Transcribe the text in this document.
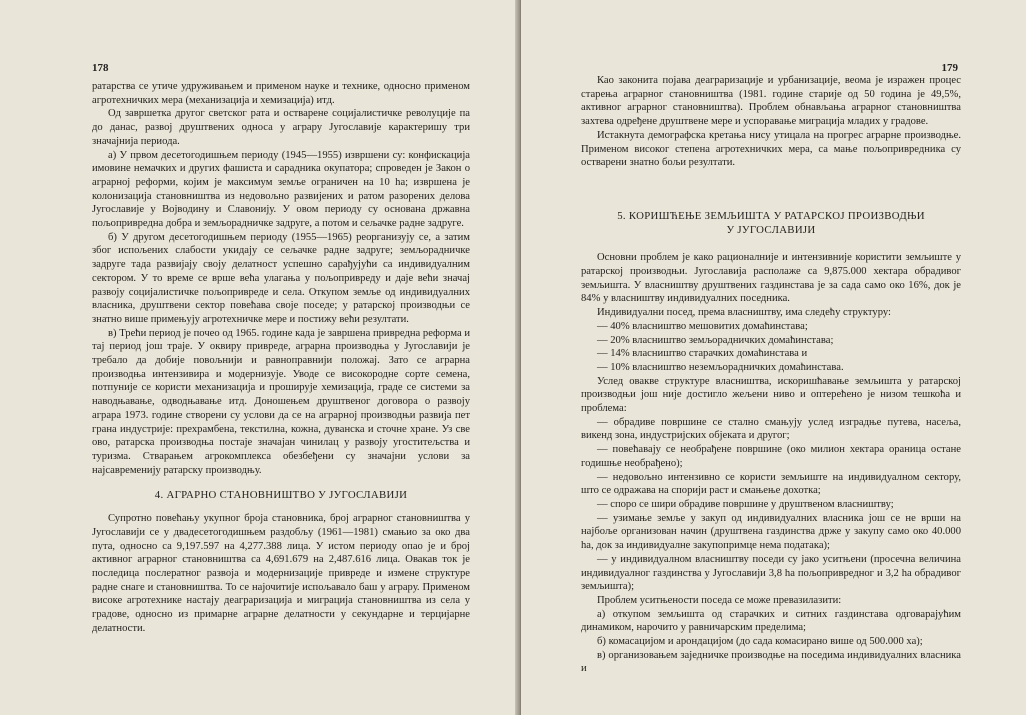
178

ратарства се утиче удруживањем и применом науке и технике, односно применом агротехничких мера (механизација и хемизација) итд.

Од завршетка другог светског рата и остварене социјалистичке револуције па до данас, развој друштвених односа у аграру Југославије карактеришу три значајнија периода.

а) У првом десетогодишњем периоду (1945—1955) извршени су: конфискација имовине немачких и других фашиста и сарадника окупатора; спроведен је Закон о аграрној реформи, којим је максимум земље ограничен на 10 ha; извршена је колонизација становништва из недовољно развијених и ратом разорених делова Југославије у Војводину и Славонију. У овом периоду су основана државна пољопривредна добра и земљорадничке задруге, а потом и сељачке радне задруге.

б) У другом десетогодишњем периоду (1955—1965) реорганизују се, а затим због испољених слабости укидају се сељачке радне задруге; земљорадничке задруге тада развијају своју делатност успешно сарађујући са индивидуалним сектором. У то време се врше већа улагања у пољопривреду и даје већи значај развоју социјалистичке пољопривреде и села. Откупом земље од индивидуалних власника, друштвени сектор повећава своје поседе; у ратарској производњи се знатно више примењују агротехничке мере и постижу већи резултати.

в) Трећи период је почео од 1965. године када је завршена привредна реформа и тај период још траје. У оквиру привреде, аграрна производња у Југославији је требало да добије повољнији и равноправнији положај. Зато се аграрна производња интензивира и модернизује. Уводе се високородне сорте семена, потпуније се користи механизација и проширује хемизација, граде се системи за наводњавање, одводњавање итд. Доношењем друштвеног договора о развоју аграра 1973. године створени су услови да се на аграрној производњи развија пет грана индустрије: прехрамбена, текстилна, кожна, дуванска и сточне хране. Уз све ово, ратарска производња постаје значајан чинилац у развоју угоститељства и туризма. Стварањем агрокомплекса обезбеђени су значајни услови за најсавременију ратарску производњу.

4. АГРАРНО СТАНОВНИШТВО У ЈУГОСЛАВИЈИ

Супротно повећању укупног броја становника, број аграрног становништва у Југославији се у двадесетогодишњем раздобљу (1961—1981) смањио за око два пута, односно са 9,197.597 на 4,277.388 лица. У истом периоду опао је и број активног аграрног становништва са 4,691.679 на 2,487.616 лица. Овакав ток је последица послератног развоја и модернизације привреде и измене структуре радне снаге и становништва. То се најочитије испољавало баш у аграру. Применом високе агротехнике настају деаграризација и миграција становништва из села у градове, односно из примарне аграрне делатности у секундарне и терцијарне делатности.

179

Као законита појава деаграризације и урбанизације, веома је изражен процес старења аграрног становништва (1981. године старије од 50 година је 49,5%, активног аграрног становништва). Проблем обнављања аграрног становништва захтева одређене друштвене мере и успоравање миграција младих у градове.

Истакнута демографска кретања нису утицала на прогрес аграрне производње. Применом високог степена агротехничких мера, са мање пољопривредника су остварени знатно бољи резултати.

5. КОРИШЋЕЊЕ ЗЕМЉИШТА У РАТАРСКОЈ ПРОИЗВОДЊИ
У ЈУГОСЛАВИЈИ

Основни проблем је како рационалније и интензивније користити земљиште у ратарској производњи. Југославија располаже са 9,875.000 хектара обрадивог земљишта. У власништву друштвених газдинстава је за сада само око 16%, док је 84% у власништву индивидуалних поседника.

Индивидуални посед, према власништву, има следећу структуру:

— 40% власништво мешовитих домаћинстава;

— 20% власништво земљорадничких домаћинстава;

— 14% власништво старачких домаћинстава и

— 10% власништво неземљорадничких домаћинстава.

Услед овакве структуре власништва, искоришћавање земљишта у ратарској производњи још није достигло жељени ниво и оптерећено је низом тешкоћа и проблема:

— обрадиве површине се стално смањују услед изградње путева, насеља, викенд зона, индустријских објеката и другог;

— повећавају се необрађене површине (око милион хектара ораница остане годишње необрађено);

— недовољно интензивно се користи земљиште на индивидуалном сектору, што се одражава на спорији раст и смањење дохотка;

— споро се шири обрадиве површине у друштвеном власништву;

— узимање земље у закуп од индивидуалних власника још се не врши на најбоље организован начин (друштвена газдинства држе у закупу само око 40.000 ha, док за индивидуалне закупопримце нема података);

— у индивидуалном власништву поседи су јако уситњени (просечна величина индивидуалног газдинства у Југославији 3,8 ha пољопривредног и 3,2 ha обрадивог земљишта);

Проблем уситњености поседа се може превазилазити:

а) откупом земљишта од старачких и ситних газдинстава одговарајућим динамиком, нарочито у равничарским пределима;

б) комасацијом и арондацијом (до сада комасирано више од 500.000 ха);

в) организовањем заједничке производње на поседима индивидуалних власника и
